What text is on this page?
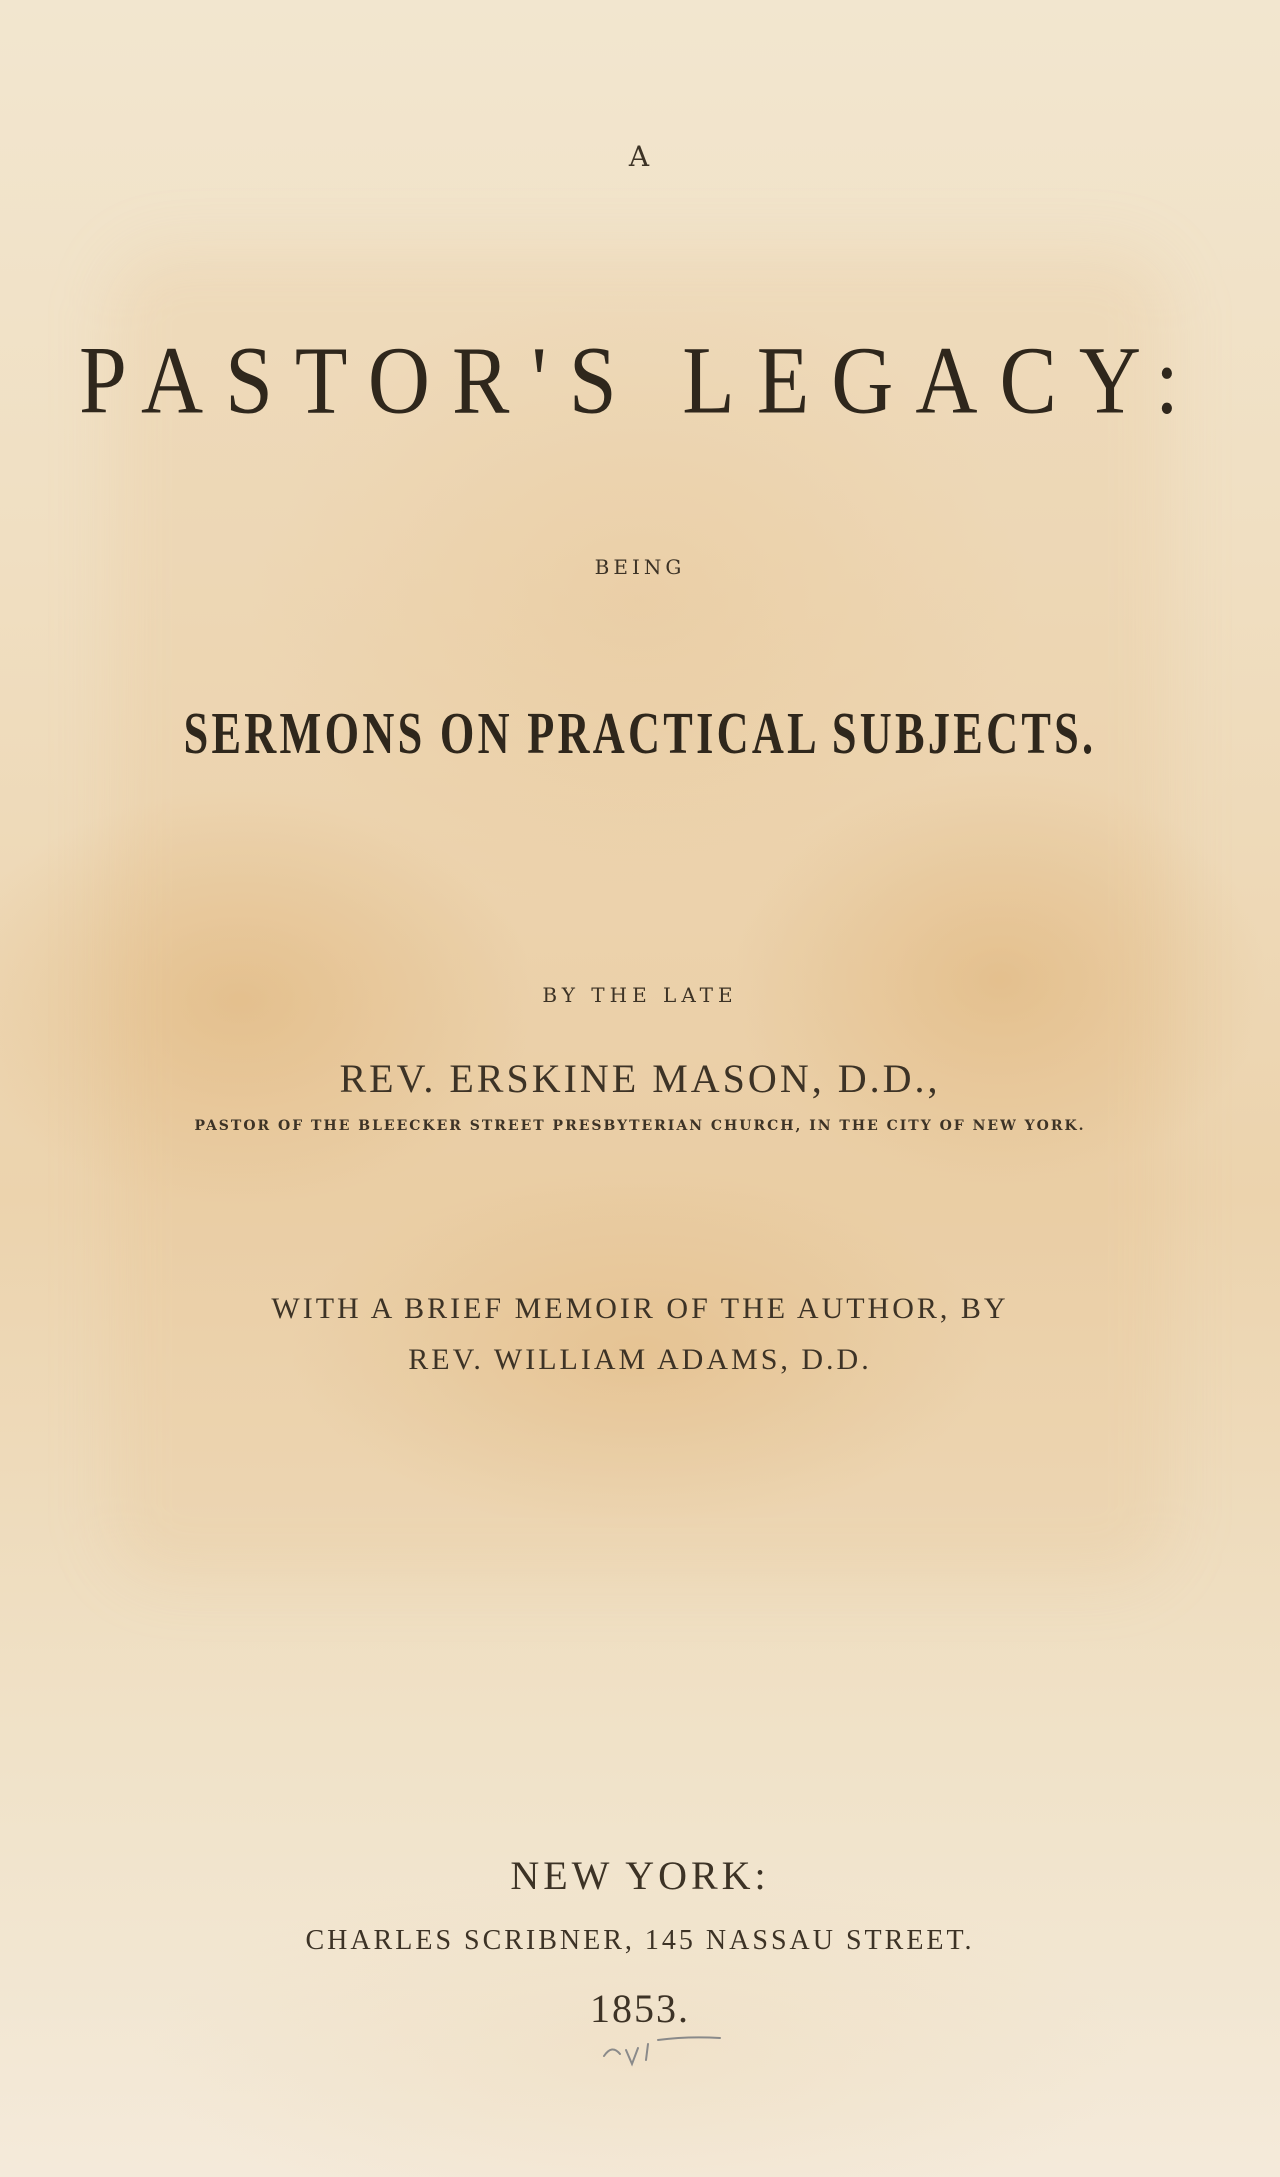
A
PASTOR'S LEGACY:
BEING
SERMONS ON PRACTICAL SUBJECTS.
BY THE LATE
REV. ERSKINE MASON, D.D.,
PASTOR OF THE BLEECKER STREET PRESBYTERIAN CHURCH, IN THE CITY OF NEW YORK.
WITH A BRIEF MEMOIR OF THE AUTHOR, BY
REV. WILLIAM ADAMS, D.D.
NEW YORK:
CHARLES SCRIBNER, 145 NASSAU STREET.
1853.
